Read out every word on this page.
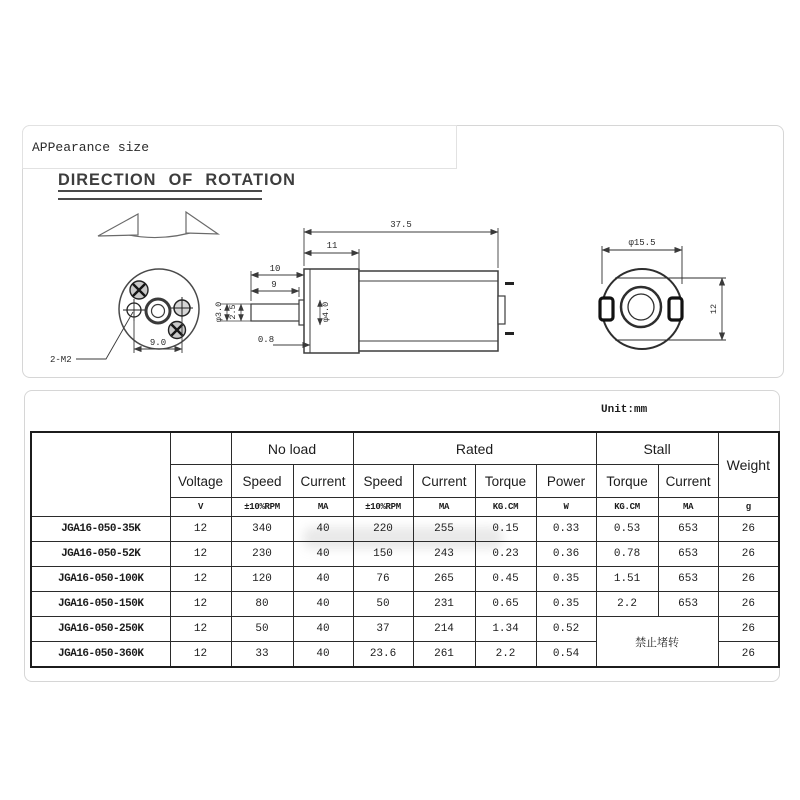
APPearance size
DIRECTION OF ROTATION
2-M2
9.0
37.5
11
10
9
φ3.0 2.5	φ4.0
0.8
φ15.5
12
Unit:mm
		No load		Rated				Stall		Weight
	Voltage	Speed	Current	Speed	Current	Torque	Power	Torque	Current	
	V	±10%RPM	MA	±10%RPM	MA	KG.CM	W	KG.CM	MA	g
JGA16-050-35K	12	340	40	220	255	0.15	0.33	0.53	653	26
JGA16-050-52K	12	230	40	150	243	0.23	0.36	0.78	653	26
JGA16-050-100K	12	120	40	76	265	0.45	0.35	1.51	653	26
JGA16-050-150K	12	80	40	50	231	0.65	0.35	2.2	653	26
JGA16-050-250K	12	50	40	37	214	1.34	0.52	禁止堵转		26
JGA16-050-360K	12	33	40	23.6	261	2.2	0.54			26
